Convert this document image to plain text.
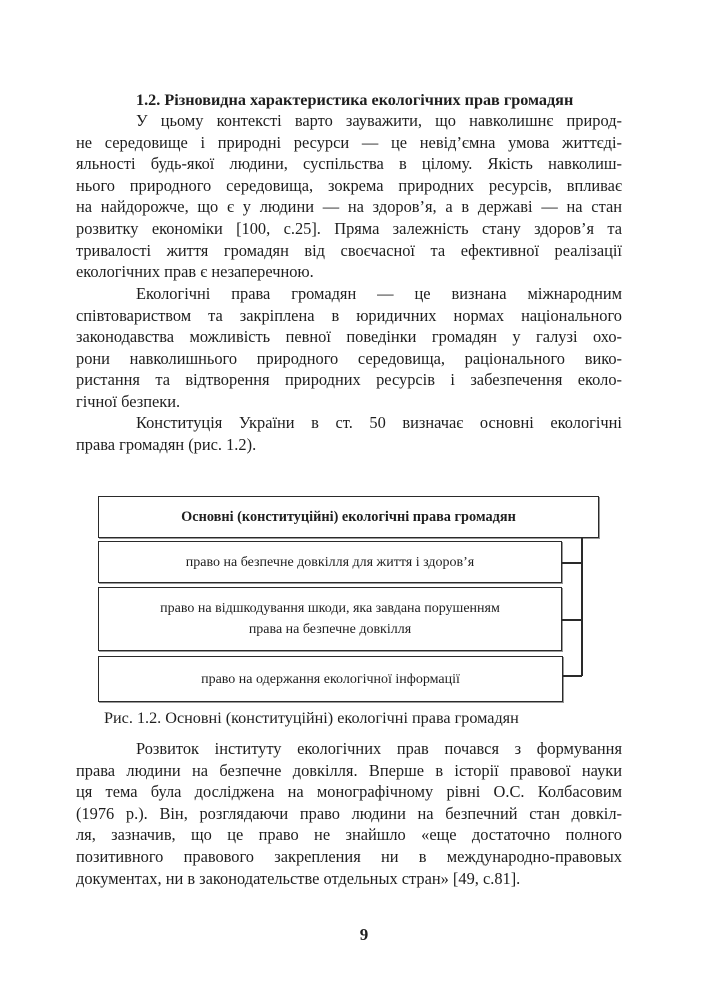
1.2. Різновидна характеристика екологічних прав громадян

У цьому контексті варто зауважити, що навколишнє природ-
не середовище і природні ресурси — це невід’ємна умова життєді-
яльності будь-якої людини, суспільства в цілому. Якість навколиш-
нього природного середовища, зокрема природних ресурсів, впливає
на найдорожче, що є у людини — на здоров’я, а в державі — на стан
розвитку економіки [100, с.25]. Пряма залежність стану здоров’я та
тривалості життя громадян від своєчасної та ефективної реалізації
екологічних прав є незаперечною.

Екологічні права громадян — це визнана міжнародним
співтовариством та закріплена в юридичних нормах національного
законодавства можливість певної поведінки громадян у галузі охо-
рони навколишнього природного середовища, раціонального вико-
ристання та відтворення природних ресурсів і забезпечення еколо-
гічної безпеки.

Конституція України в ст. 50 визначає основні екологічні
права громадян (рис. 1.2).

Основні (конституційні) екологічні права громадян
право на безпечне довкілля для життя і здоров’я
право на відшкодування шкоди, яка завдана порушенням
права на безпечне довкілля
право на одержання екологічної інформації
Рис. 1.2. Основні (конституційні) екологічні права громадян

Розвиток інституту екологічних прав почався з формування
права людини на безпечне довкілля. Вперше в історії правової науки
ця тема була досліджена на монографічному рівні О.С. Колбасовим
(1976 р.). Він, розглядаючи право людини на безпечний стан довкіл-
ля, зазначив, що це право не знайшло «еще достаточно полного
позитивного правового закрепления ни в международно-правовых
документах, ни в законодательстве отдельных стран» [49, с.81].

9
